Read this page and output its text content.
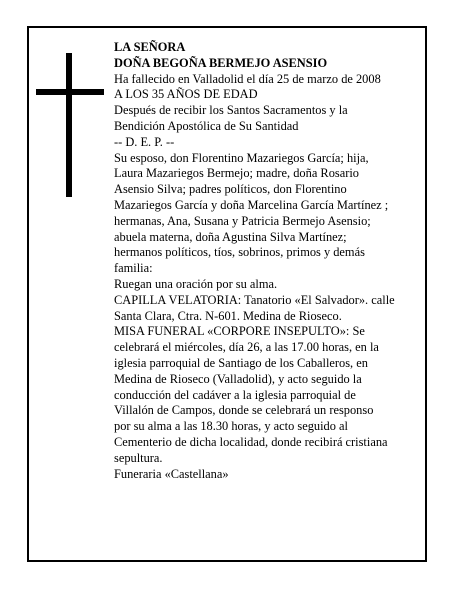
LA SEÑORA

DOÑA BEGOÑA BERMEJO ASENSIO

Ha fallecido en Valladolid el día 25 de marzo de 2008

A LOS 35 AÑOS DE EDAD

Después de recibir los Santos Sacramentos y la

Bendición Apostólica de Su Santidad

-- D. E. P. --

Su esposo, don Florentino Mazariegos García; hija,

Laura Mazariegos Bermejo; madre, doña Rosario

Asensio Silva; padres políticos, don Florentino

Mazariegos García y doña Marcelina García Martínez ;

hermanas, Ana, Susana y Patricia Bermejo Asensio;

abuela materna, doña Agustina Silva Martínez;

hermanos políticos, tíos, sobrinos, primos y demás

familia:

Ruegan una oración por su alma.

CAPILLA VELATORIA: Tanatorio «El Salvador». calle

Santa Clara, Ctra. N-601. Medina de Rioseco.

MISA FUNERAL «CORPORE INSEPULTO»: Se

celebrará el miércoles, día 26, a las 17.00 horas, en la

iglesia parroquial de Santiago de los Caballeros, en

Medina de Rioseco (Valladolid), y acto seguido la

conducción del cadáver a la iglesia parroquial de

Villalón de Campos, donde se celebrará un responso

por su alma a las 18.30 horas, y acto seguido al

Cementerio de dicha localidad, donde recibirá cristiana

sepultura.

Funeraria «Castellana»
